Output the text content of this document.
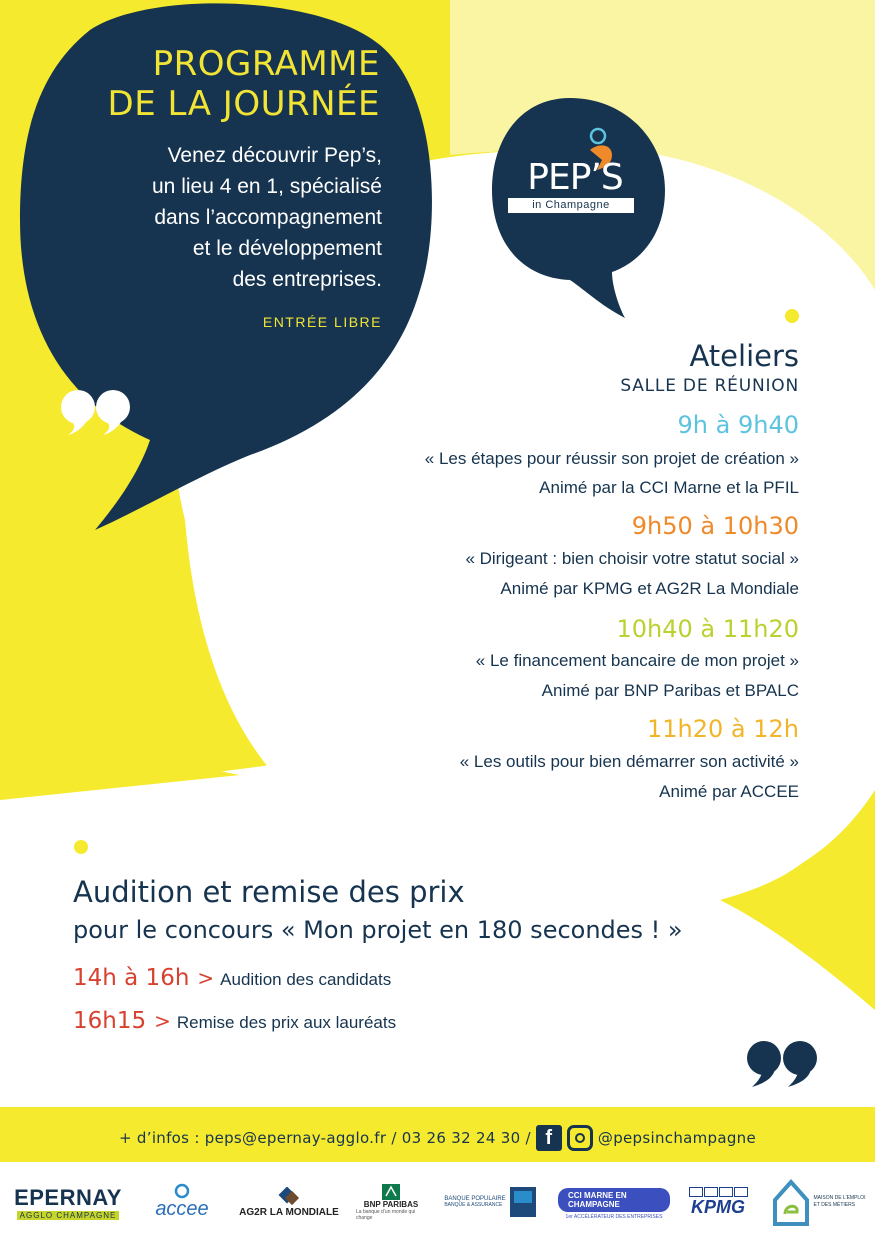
PROGRAMME
DE LA JOURNÉE
Venez découvrir Pep’s,
un lieu 4 en 1, spécialisé
dans l’accompagnement
et le développement
des entreprises.
ENTRÉE LIBRE
PEP’S
in Champagne
Ateliers
SALLE DE RÉUNION
9h à 9h40
« Les étapes pour réussir son projet de création »
Animé par la CCI Marne et la PFIL
9h50 à 10h30
« Dirigeant : bien choisir votre statut social »
Animé par KPMG et AG2R La Mondiale
10h40 à 11h20
« Le financement bancaire de mon projet »
Animé par BNP Paribas et BPALC
11h20 à 12h
« Les outils pour bien démarrer son activité »
Animé par ACCEE
Audition et remise des prix
pour le concours « Mon projet en 180 secondes ! »
14h à 16h > Audition des candidats
16h15 > Remise des prix aux lauréats
+ d’infos : peps@epernay-agglo.fr / 03 26 32 24 30 / f	@pepsinchampagne
EPERNAY
AGGLO CHAMPAGNE accee	AG2R LA MONDIALE
BNP PARIBAS
La banque d’un monde qui change
BANQUE POPULAIRE
BANQUE & ASSURANCE
CCI MARNE EN CHAMPAGNE
1er ACCÉLÉRATEUR DES ENTREPRISES
KPMG	MAISON DE L’EMPLOI ET DES MÉTIERS
